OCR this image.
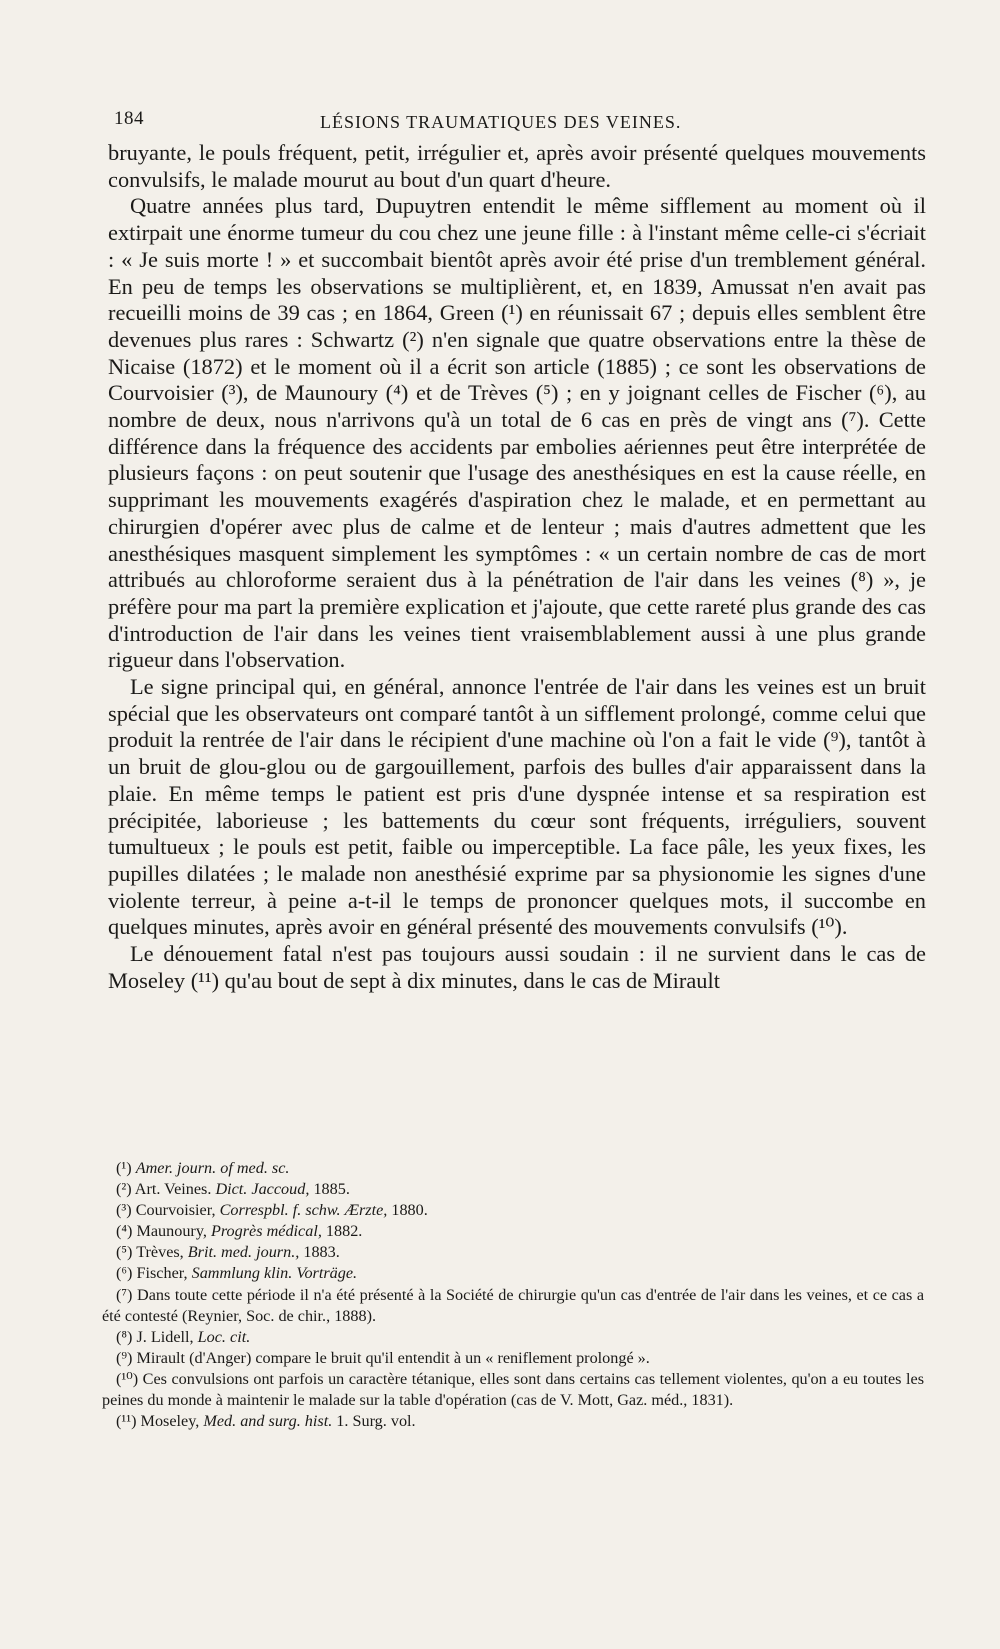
184	LÉSIONS TRAUMATIQUES DES VEINES.

bruyante, le pouls fréquent, petit, irrégulier et, après avoir présenté quelques mouvements convulsifs, le malade mourut au bout d'un quart d'heure.

Quatre années plus tard, Dupuytren entendit le même sifflement au moment où il extirpait une énorme tumeur du cou chez une jeune fille : à l'instant même celle-ci s'écriait : « Je suis morte ! » et succombait bientôt après avoir été prise d'un tremblement général. En peu de temps les observations se multiplièrent, et, en 1839, Amussat n'en avait pas recueilli moins de 39 cas ; en 1864, Green (¹) en réunissait 67 ; depuis elles semblent être devenues plus rares : Schwartz (²) n'en signale que quatre observations entre la thèse de Nicaise (1872) et le moment où il a écrit son article (1885) ; ce sont les observations de Courvoisier (³), de Maunoury (⁴) et de Trèves (⁵) ; en y joignant celles de Fischer (⁶), au nombre de deux, nous n'arrivons qu'à un total de 6 cas en près de vingt ans (⁷). Cette différence dans la fréquence des accidents par embolies aériennes peut être interprétée de plusieurs façons : on peut soutenir que l'usage des anesthésiques en est la cause réelle, en supprimant les mouvements exagérés d'aspiration chez le malade, et en permettant au chirurgien d'opérer avec plus de calme et de lenteur ; mais d'autres admettent que les anesthésiques masquent simplement les symptômes : « un certain nombre de cas de mort attribués au chloroforme seraient dus à la pénétration de l'air dans les veines (⁸) », je préfère pour ma part la première explication et j'ajoute, que cette rareté plus grande des cas d'introduction de l'air dans les veines tient vraisemblablement aussi à une plus grande rigueur dans l'observation.

Le signe principal qui, en général, annonce l'entrée de l'air dans les veines est un bruit spécial que les observateurs ont comparé tantôt à un sifflement prolongé, comme celui que produit la rentrée de l'air dans le récipient d'une machine où l'on a fait le vide (⁹), tantôt à un bruit de glou-glou ou de gargouillement, parfois des bulles d'air apparaissent dans la plaie. En même temps le patient est pris d'une dyspnée intense et sa respiration est précipitée, laborieuse ; les battements du cœur sont fréquents, irréguliers, souvent tumultueux ; le pouls est petit, faible ou imperceptible. La face pâle, les yeux fixes, les pupilles dilatées ; le malade non anesthésié exprime par sa physionomie les signes d'une violente terreur, à peine a-t-il le temps de prononcer quelques mots, il succombe en quelques minutes, après avoir en général présenté des mouvements convulsifs (¹⁰).

Le dénouement fatal n'est pas toujours aussi soudain : il ne survient dans le cas de Moseley (¹¹) qu'au bout de sept à dix minutes, dans le cas de Mirault

(¹) Amer. journ. of med. sc.

(²) Art. Veines. Dict. Jaccoud, 1885.

(³) Courvoisier, Correspbl. f. schw. Ærzte, 1880.

(⁴) Maunoury, Progrès médical, 1882.

(⁵) Trèves, Brit. med. journ., 1883.

(⁶) Fischer, Sammlung klin. Vorträge.

(⁷) Dans toute cette période il n'a été présenté à la Société de chirurgie qu'un cas d'entrée de l'air dans les veines, et ce cas a été contesté (Reynier, Soc. de chir., 1888).

(⁸) J. Lidell, Loc. cit.

(⁹) Mirault (d'Anger) compare le bruit qu'il entendit à un « reniflement prolongé ».

(¹⁰) Ces convulsions ont parfois un caractère tétanique, elles sont dans certains cas tellement violentes, qu'on a eu toutes les peines du monde à maintenir le malade sur la table d'opération (cas de V. Mott, Gaz. méd., 1831).

(¹¹) Moseley, Med. and surg. hist. 1. Surg. vol.
